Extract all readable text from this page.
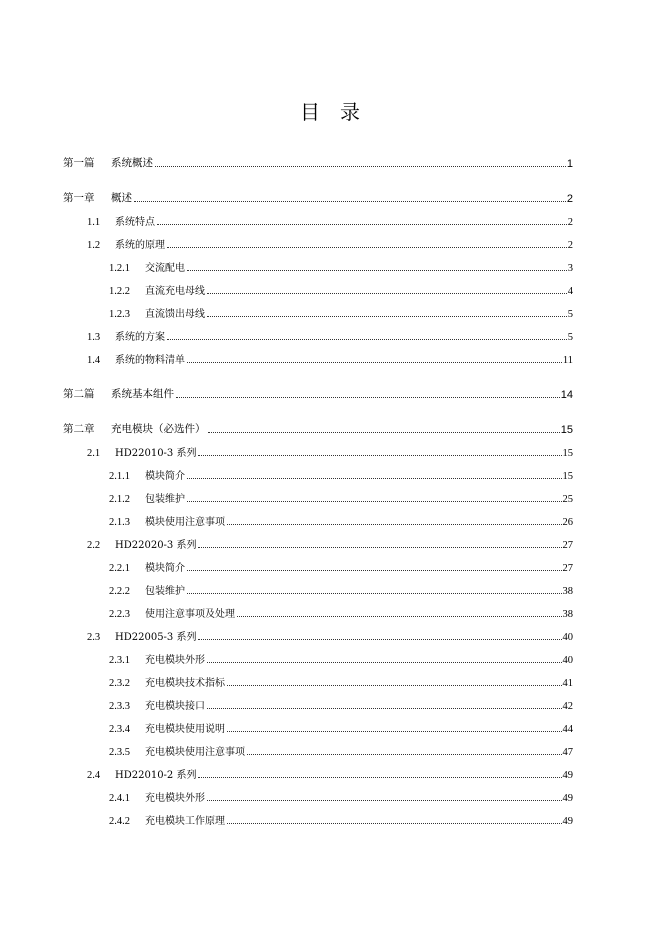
目 录
第一篇	系统概述	1
第一章	概述	2
1.1	系统特点	2
1.2	系统的原理	2
1.2.1	交流配电	3
1.2.2	直流充电母线	4
1.2.3	直流馈出母线	5
1.3	系统的方案	5
1.4	系统的物料清单	11
第二篇	系统基本组件	14
第二章	充电模块（必选件）	15
2.1	HD22010-3 系列	15
2.1.1	模块简介	15
2.1.2	包装维护	25
2.1.3	模块使用注意事项	26
2.2	HD22020-3 系列	27
2.2.1	模块简介	27
2.2.2	包装维护	38
2.2.3	使用注意事项及处理	38
2.3	HD22005-3 系列	40
2.3.1	充电模块外形	40
2.3.2	充电模块技术指标	41
2.3.3	充电模块接口	42
2.3.4	充电模块使用说明	44
2.3.5	充电模块使用注意事项	47
2.4	HD22010-2 系列	49
2.4.1	充电模块外形	49
2.4.2	充电模块工作原理	49
